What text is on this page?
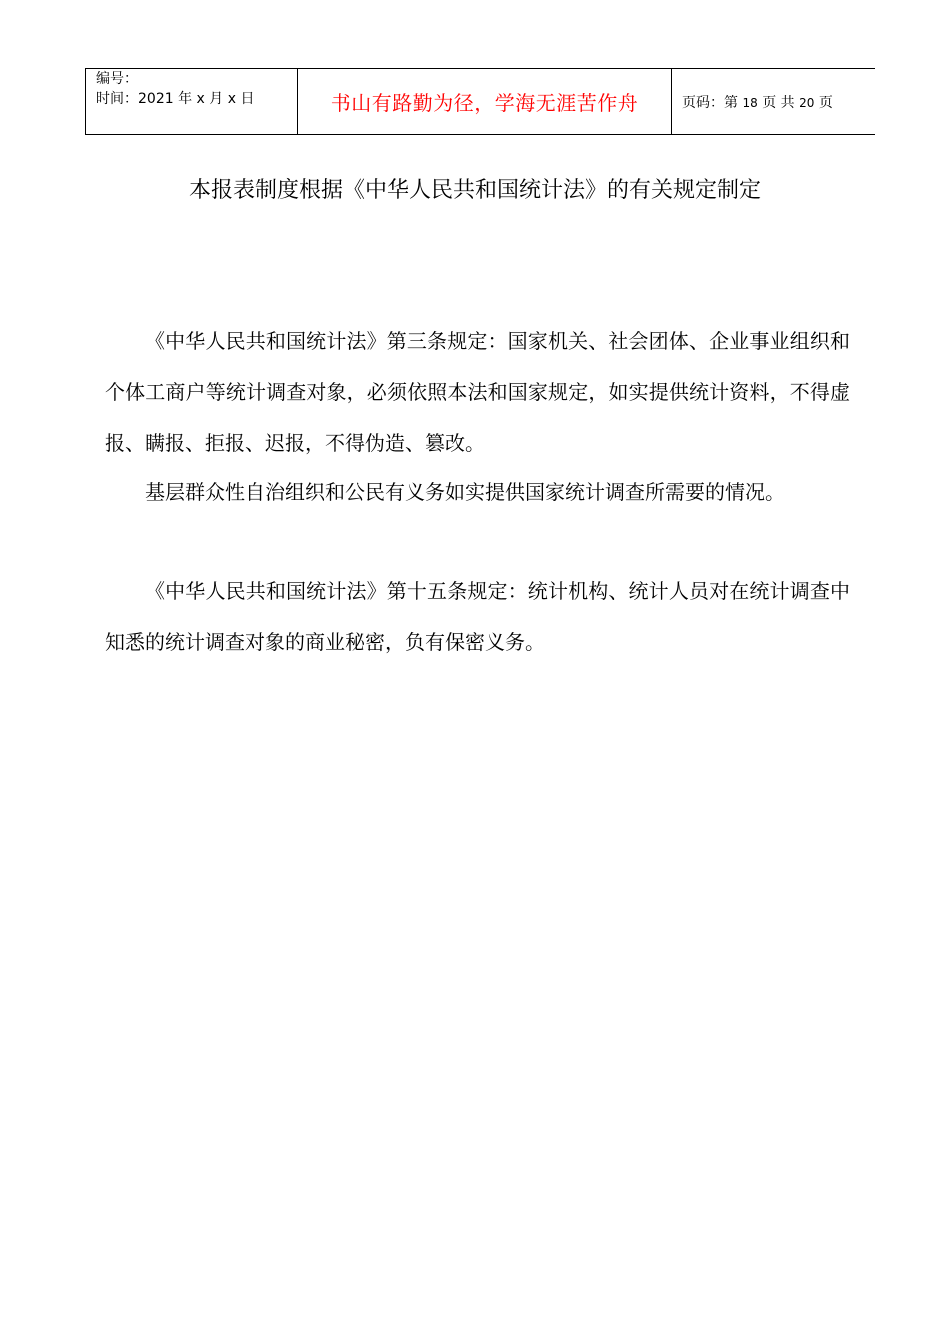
编号：
时间：2021 年 x 月 x 日	书山有路勤为径，学海无涯苦作舟	页码：第 18 页 共 20 页
本报表制度根据《中华人民共和国统计法》的有关规定制定

《中华人民共和国统计法》第三条规定：国家机关、社会团体、企业事业组织和个体工商户等统计调查对象，必须依照本法和国家规定，如实提供统计资料，不得虚报、瞒报、拒报、迟报，不得伪造、篡改。

基层群众性自治组织和公民有义务如实提供国家统计调查所需要的情况。

《中华人民共和国统计法》第十五条规定：统计机构、统计人员对在统计调查中知悉的统计调查对象的商业秘密，负有保密义务。
